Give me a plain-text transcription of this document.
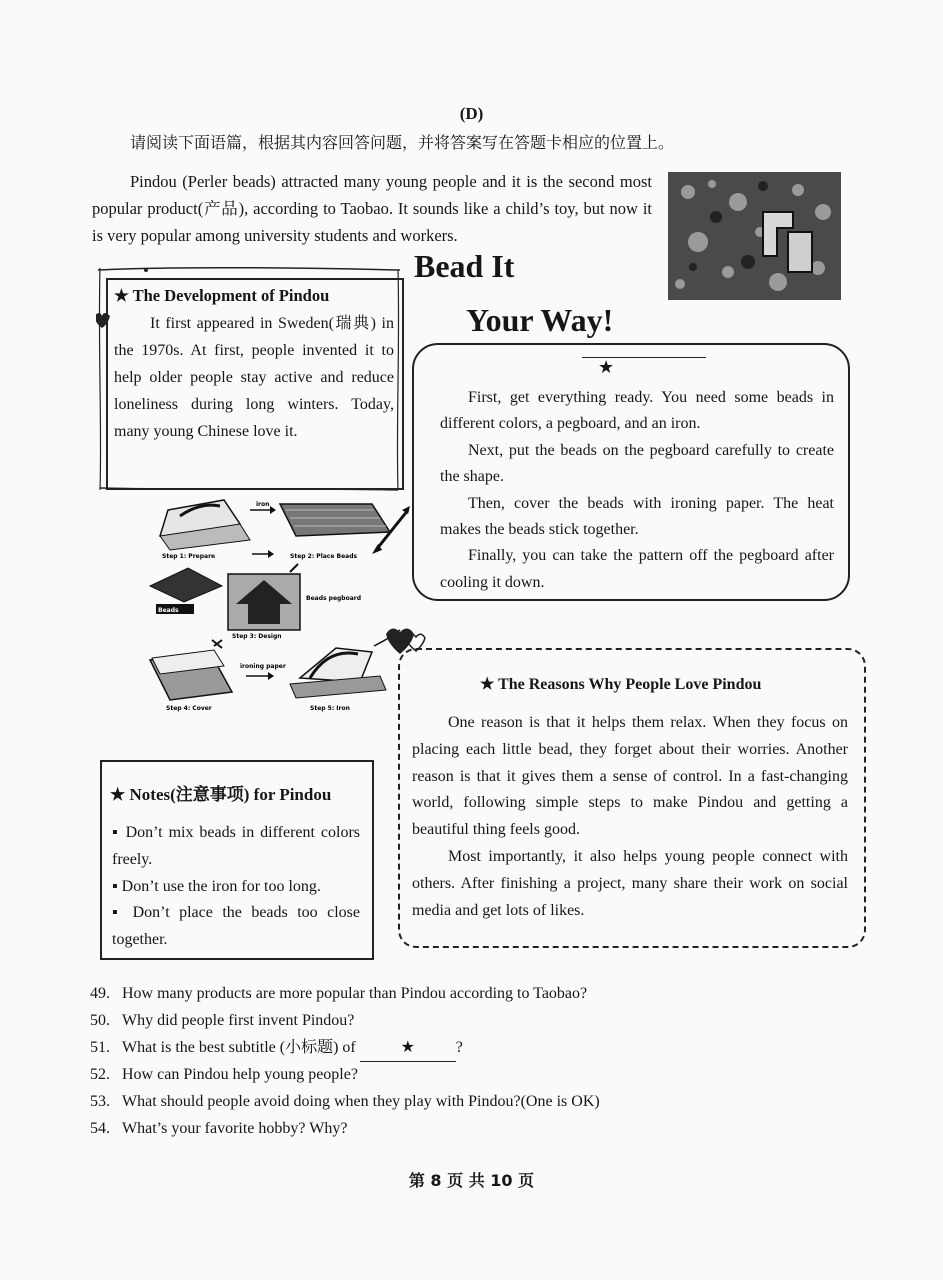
(D)
请阅读下面语篇，根据其内容回答问题，并将答案写在答题卡相应的位置上。

Pindou (Perler beads) attracted many young people and it is the second most popular product(产品), according to Taobao. It sounds like a child’s toy, but now it is very popular among university students and workers.

Bead It
Your Way!
★ The Development of Pindou

It first appeared in Sweden(瑞典) in the 1970s. At first, people invented it to help older people stay active and reduce loneliness during long winters. Today, many young Chinese love it.

★

First, get everything ready. You need some beads in different colors, a pegboard, and an iron.

Next, put the beads on the pegboard carefully to create the shape.

Then, cover the beads with ironing paper. The heat makes the beads stick together.

Finally, you can take the pattern off the pegboard after cooling it down.

iron
Step 1: Prepare	Step 2: Place Beads
Beads
Beads pegboard
Step 3: Design
ironing paper
Step 4: Cover	Step 5: Iron
★ The Reasons Why People Love Pindou

One reason is that it helps them relax. When they focus on placing each little bead, they forget about their worries. Another reason is that it gives them a sense of control. In a fast-changing world, following simple steps to make Pindou and getting a beautiful thing feels good.

Most importantly, it also helps young people connect with others. After finishing a project, many share their work on social media and get lots of likes.

★ Notes(注意事项) for Pindou

▪ Don’t mix beads in different colors freely.

▪ Don’t use the iron for too long.

▪ Don’t place the beads too close together.

49. How many products are more popular than Pindou according to Taobao?

50. Why did people first invent Pindou?

51. What is the best subtitle (小标题) of	★	?

52. How can Pindou help young people?

53. What should people avoid doing when they play with Pindou?(One is OK)

54. What’s your favorite hobby? Why?

第 8 页 共 10 页
